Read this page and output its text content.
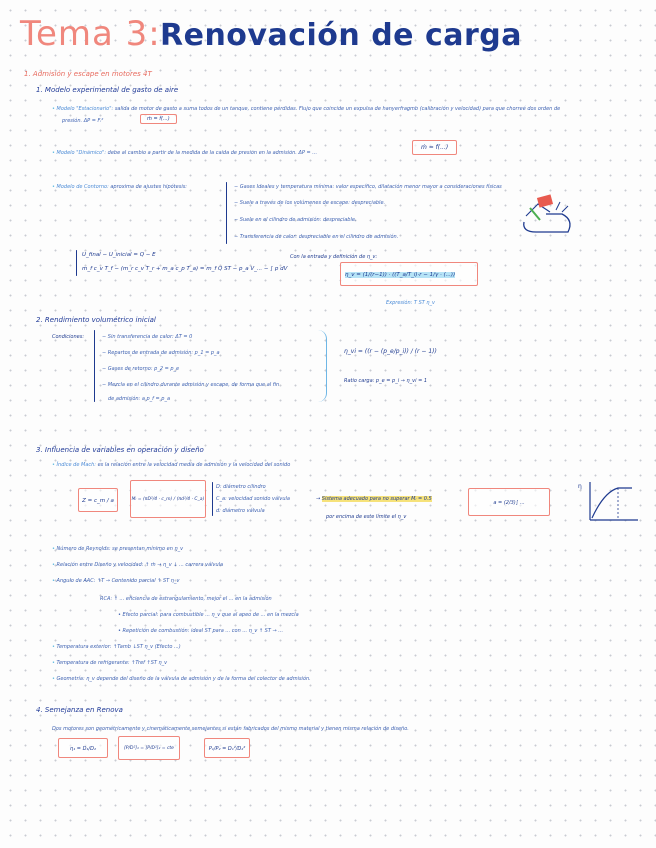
Tema 3: Renovación de carga
1. Admisión y escape en motores 4T
1. Modelo experimental de gasto de aire
• Modelo "Estacionario": salida de motor de gasto a suma todos de un tanque, contiene pérdidas. Flujo que coincide un expulsa de hanyerfragmb (calibración y velocidad) para que chorreé dos orden de
presión. ΔP = Fᵢ²	ṁ = f(...)
• Modelo "Dinámico": debe al cambio a partir de la medida de la caída de presión en la admisión. ΔP = ...
ṁ = f(...)
• Modelo de Contorno: aproxima de ajustes hipótesis:	− Gases Ideales y temperatura mínima: valor específico, dilatación menor mayor a consideraciones físicas
− Suele a través de los volúmenes de escape: despreciable.
− Suele en el cilindro de admisión: despreciable.
− Transferencia de calor: despreciable en el cilindro de admisión.
U_final − U_inicial = Q − E
m_f c_v T_f − (m_r c_v T_r + m_a c_p T_a) = m_f Q ST − p_a V_... − ∫ p dV
Con la entrada y definición de η_v:
η_v = (1/(r−1)) · ((T_a/T_i)·r − 1/γ · (...))
Expresión: T ST η_v
2. Rendimiento volumétrico inicial
Condiciones:	− Sin transferencia de calor: ΔT = 0
− Repartos de entrada de admisión: p_1 = p_a
− Gases de retorno: p_2 = p_e
− Mezcla en el cilindro durante admisión y escape, de forma que al fin
de admisión: a p_f = p_a
η_vi = ((r − (p_e/p_i)) / (r − 1))
Ratio carga: p_e = p_i → η_vi = 1
3. Influencia de variables en operación y diseño
• Índice de Mach: es la relación entre la velocidad media de admisión y la velocidad del sonido
Z = c_m / a	Mᵢ = (πD²/4 · c_m) / (πd²/4 · C_a)
D: diámetro cilindro
C_a: velocidad sonido válvula
d: diámetro válvula
→ Sistema adecuado para no superar Mᵢ = 0.5
por encima de este límite el η_v
a = (2/3)∫ ...
η
• Número de Reynolds: se presentan mínimo en η_v
• Relación entre Diseño y velocidad: ↑ ṁ → η_v ↓ ... carrera válvula
• Angulo de AAC: ↑T → Contenido parcial ↑ ST η_v
RCA: ↑ ... eficiencia de estrangulamiento, mejor el ... en la admisión
• Efecto parcial: para combustible ... η_v que al apeo de ... en la mezcla
• Repetición de combustión: ideal ST para ... con ... η_v ↑ ST → ...
• Temperatura exterior: ↑Tamb ↓ST η_v (Efecto ...)
• Temperatura de refrigerante: ↑Tref ↑ST η_v
• Geometría: η_v depende del diseño de la válvula de admisión y de la forma del colector de admisión.
4. Semejanza en Renova
Dos motores son geométricamente y cinemáticamente semejantes si están fabricados del mismo material y tienen misma relación de diseño.
η₁ = D₁/D₂	[P/D²]₁ = [P/D²]₂ = cte	P₁/P₂ = D₁²/D₂²
